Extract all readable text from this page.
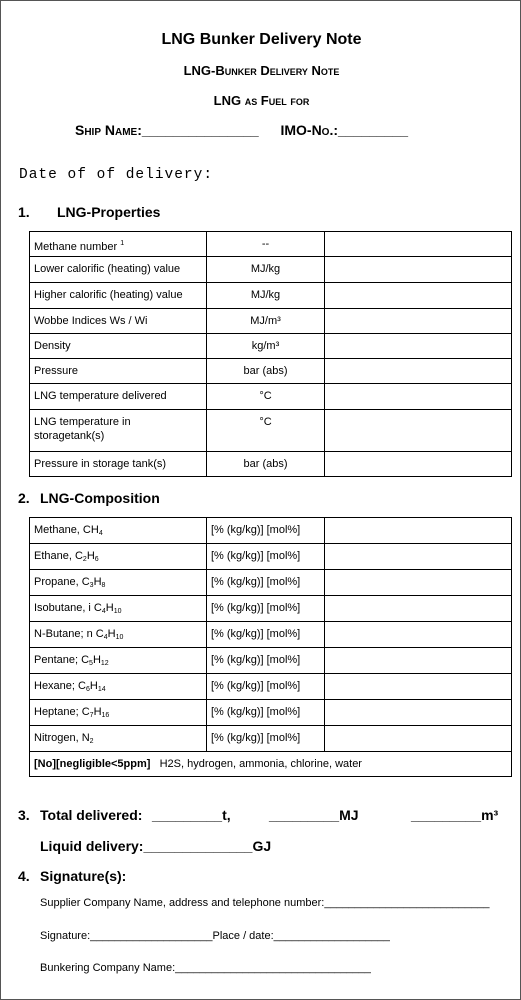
LNG Bunker Delivery Note
LNG-Bunker Delivery Note
LNG as Fuel for
Ship Name:_______________ IMO-No.:_________
Date of of delivery:
1. LNG-Properties
Methane number $^1$	--	

Lower calorific (heating) value	MJ/kg	

Higher calorific (heating) value	MJ/kg	

Wobbe Indices Ws / Wi	MJ/m³	

Density	kg/m³	

Pressure	bar (abs)	

LNG temperature delivered	°C	

LNG temperature in storagetank(s)	°C	

Pressure in storage tank(s)	bar (abs)	

2. LNG-Composition
Methane, $CH_4$	[% (kg/kg)] [mol%]	

Ethane, $C_2H_6$	[% (kg/kg)] [mol%]	

Propane, $C_3H_8$	[% (kg/kg)] [mol%]	

Isobutane, i $C_4H_{10}$	[% (kg/kg)] [mol%]	

N-Butane; n $C_4H_{10}$	[% (kg/kg)] [mol%]	

Pentane; $C_5H_{12}$	[% (kg/kg)] [mol%]	

Hexane; $C_6H_{14}$	[% (kg/kg)] [mol%]	

Heptane; $C_7H_{16}$	[% (kg/kg)] [mol%]	

Nitrogen, $N_2$	[% (kg/kg)] [mol%]	

[No][negligible<5ppm] H2S, hydrogen, ammonia, chlorine, water		
3. Total delivered: _________t,	_________MJ	_________m³
Liquid delivery:______________GJ
4. Signature(s):
Supplier Company Name, address and telephone number:___________________________
Signature:____________________Place / date:___________________
Bunkering Company Name:________________________________
